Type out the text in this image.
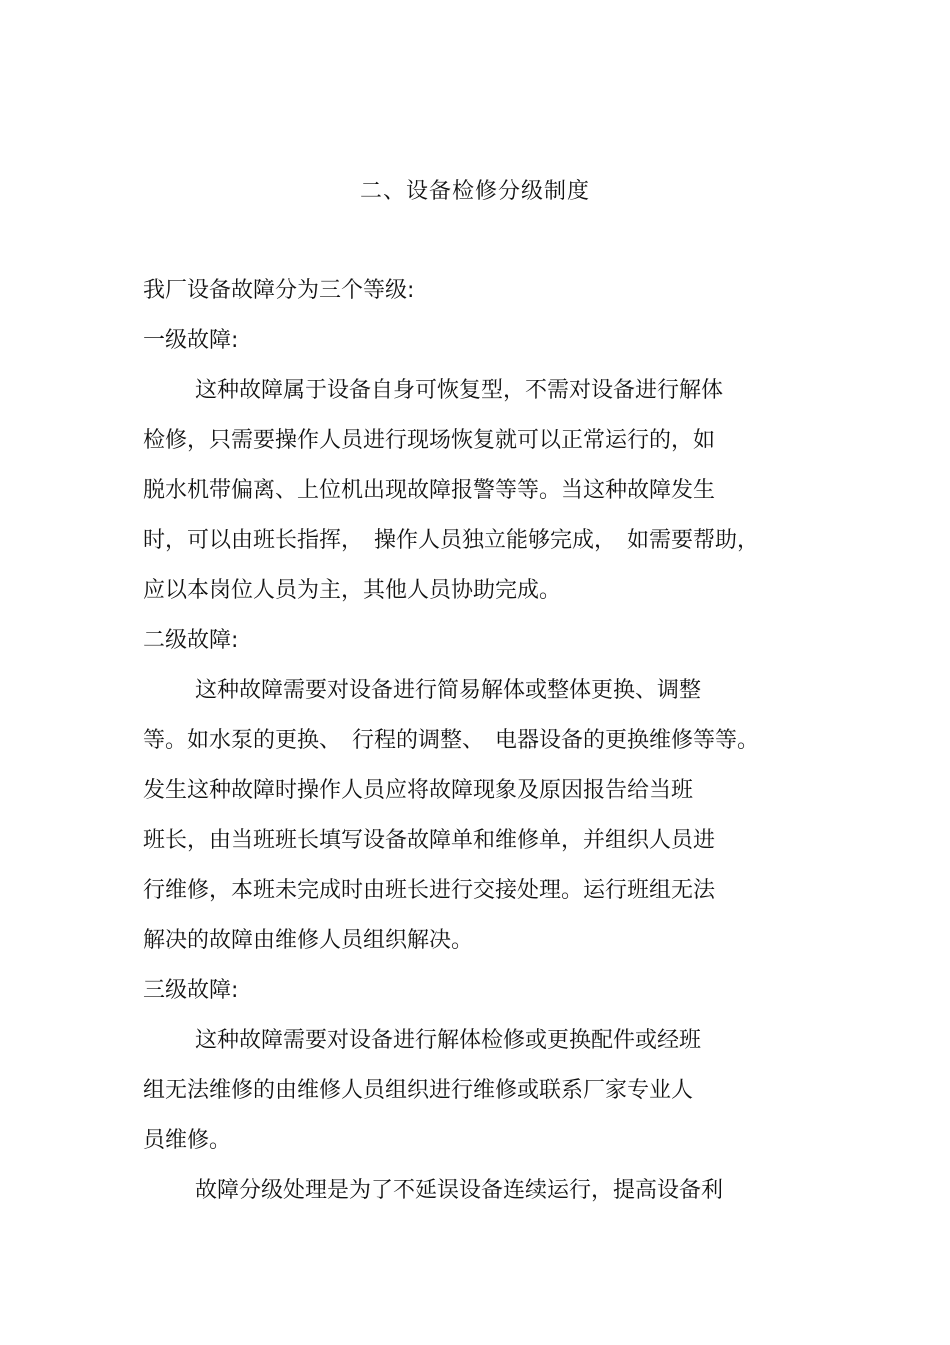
二、设备检修分级制度
我厂设备故障分为三个等级:
一级故障:
这种故障属于设备自身可恢复型，不需对设备进行解体
检修，只需要操作人员进行现场恢复就可以正常运行的，如
脱水机带偏离、上位机出现故障报警等等。当这种故障发生
时，可以由班长指挥，　操作人员独立能够完成，　如需要帮助，
应以本岗位人员为主，其他人员协助完成。
二级故障:
这种故障需要对设备进行简易解体或整体更换、调整
等。如水泵的更换、　行程的调整、　电器设备的更换维修等等。
发生这种故障时操作人员应将故障现象及原因报告给当班
班长，由当班班长填写设备故障单和维修单，并组织人员进
行维修，本班未完成时由班长进行交接处理。运行班组无法
解决的故障由维修人员组织解决。
三级故障:
这种故障需要对设备进行解体检修或更换配件或经班
组无法维修的由维修人员组织进行维修或联系厂家专业人
员维修。
故障分级处理是为了不延误设备连续运行，提高设备利
